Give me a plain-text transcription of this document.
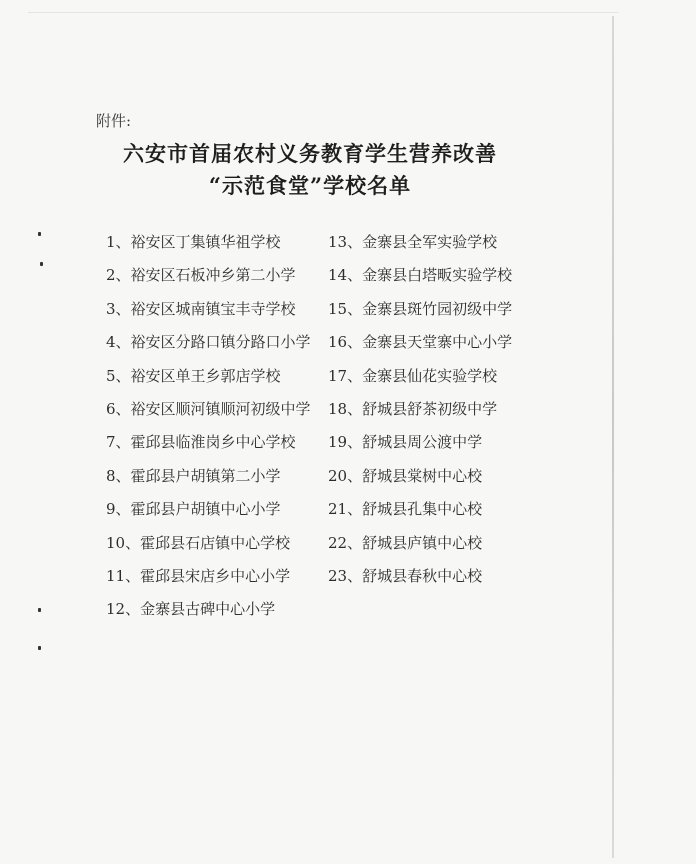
附件:
六安市首届农村义务教育学生营养改善
“示范食堂”学校名单
1、裕安区丁集镇华祖学校
2、裕安区石板冲乡第二小学
3、裕安区城南镇宝丰寺学校
4、裕安区分路口镇分路口小学
5、裕安区单王乡郭店学校
6、裕安区顺河镇顺河初级中学
7、霍邱县临淮岗乡中心学校
8、霍邱县户胡镇第二小学
9、霍邱县户胡镇中心小学
10、霍邱县石店镇中心学校
11、霍邱县宋店乡中心小学
12、金寨县古碑中心小学
13、金寨县全军实验学校
14、金寨县白塔畈实验学校
15、金寨县斑竹园初级中学
16、金寨县天堂寨中心小学
17、金寨县仙花实验学校
18、舒城县舒茶初级中学
19、舒城县周公渡中学
20、舒城县棠树中心校
21、舒城县孔集中心校
22、舒城县庐镇中心校
23、舒城县春秋中心校
